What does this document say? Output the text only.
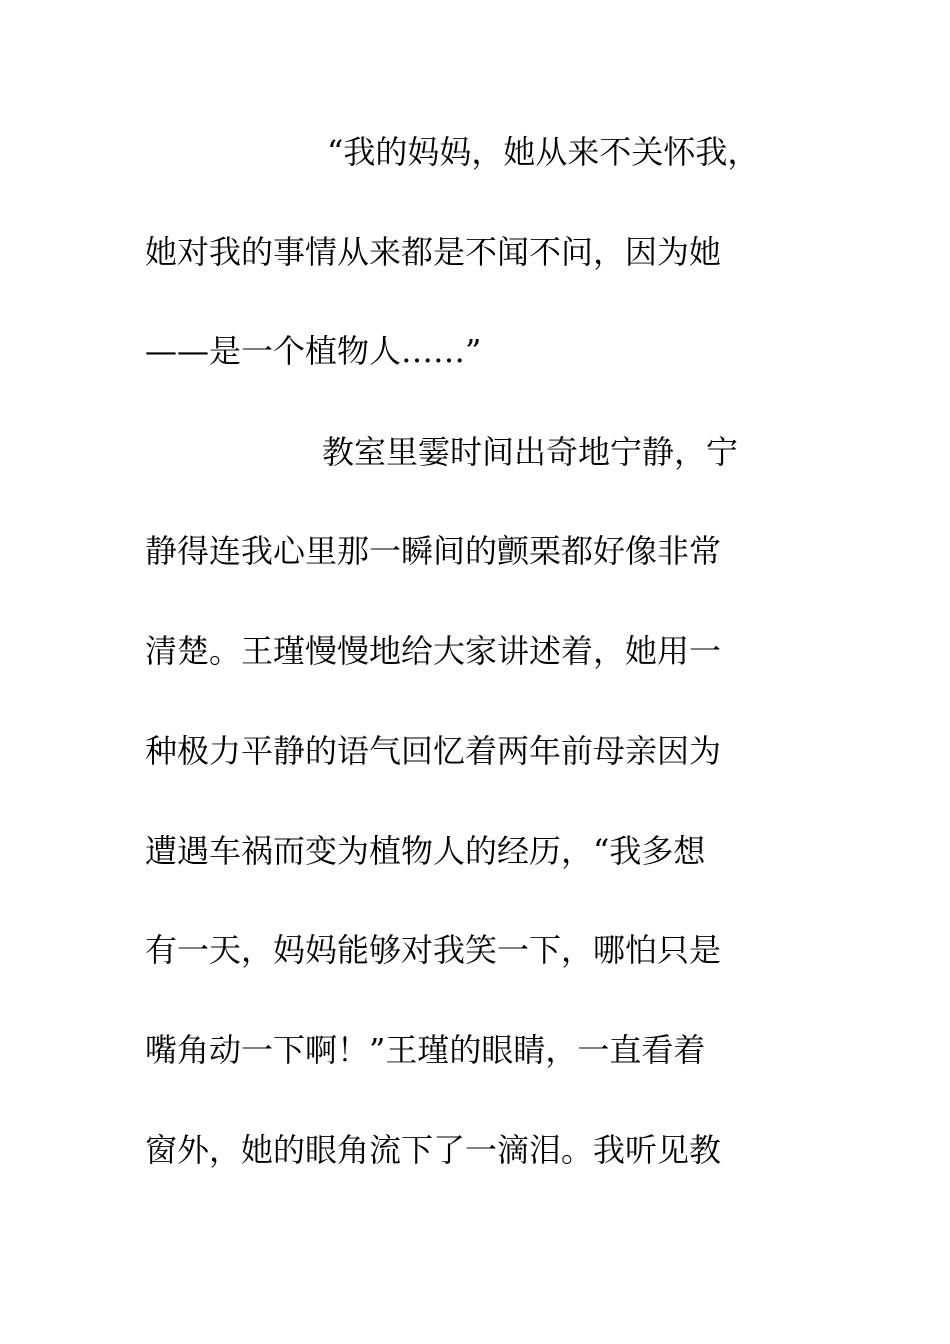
“我的妈妈，她从来不关怀我，
她对我的事情从来都是不闻不问，因为她
——是一个植物人……”
教室里霎时间出奇地宁静，宁
静得连我心里那一瞬间的颤栗都好像非常
清楚。王瑾慢慢地给大家讲述着，她用一
种极力平静的语气回忆着两年前母亲因为
遭遇车祸而变为植物人的经历，“我多想
有一天，妈妈能够对我笑一下，哪怕只是
嘴角动一下啊！”王瑾的眼睛，一直看着
窗外，她的眼角流下了一滴泪。我听见教
